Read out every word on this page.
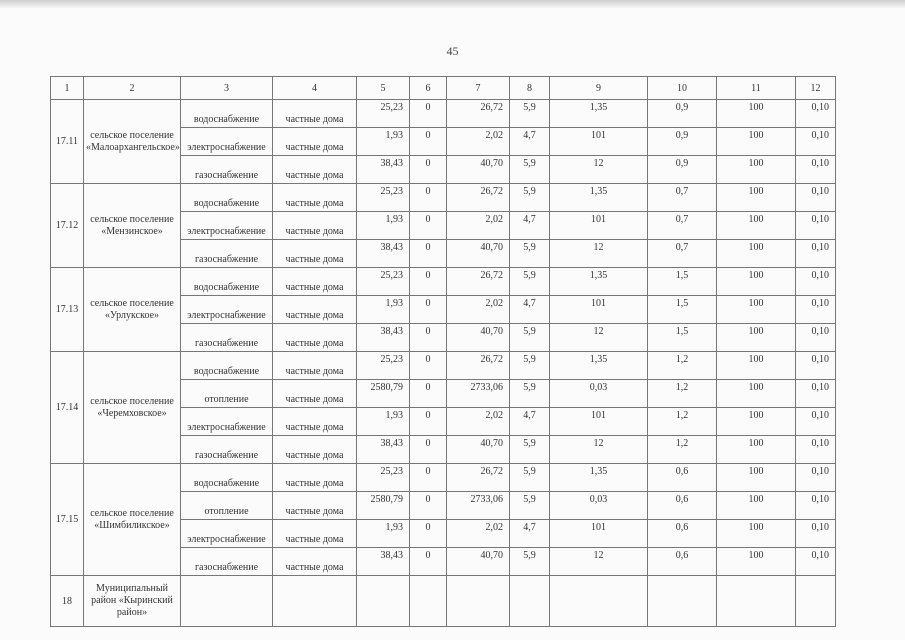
45
1	2	3	4	5	6	7	8	9	10	11	12
17.11	сельское поселение «Малоархангельское»	водоснабжение	частные дома	25,23	0	26,72	5,9	1,35	0,9	100	0,10
		электроснабжение	частные дома	1,93	0	2,02	4,7	101	0,9	100	0,10
		газоснабжение	частные дома	38,43	0	40,70	5,9	12	0,9	100	0,10
17.12	сельское поселение «Мензинское»	водоснабжение	частные дома	25,23	0	26,72	5,9	1,35	0,7	100	0,10
		электроснабжение	частные дома	1,93	0	2,02	4,7	101	0,7	100	0,10
		газоснабжение	частные дома	38,43	0	40,70	5,9	12	0,7	100	0,10
17.13	сельское поселение «Урлукское»	водоснабжение	частные дома	25,23	0	26,72	5,9	1,35	1,5	100	0,10
		электроснабжение	частные дома	1,93	0	2,02	4,7	101	1,5	100	0,10
		газоснабжение	частные дома	38,43	0	40,70	5,9	12	1,5	100	0,10
17.14	сельское поселение «Черемховское»	водоснабжение	частные дома	25,23	0	26,72	5,9	1,35	1,2	100	0,10
		отопление	частные дома	2580,79	0	2733,06	5,9	0,03	1,2	100	0,10
		электроснабжение	частные дома	1,93	0	2,02	4,7	101	1,2	100	0,10
		газоснабжение	частные дома	38,43	0	40,70	5,9	12	1,2	100	0,10
17.15	сельское поселение «Шимбиликское»	водоснабжение	частные дома	25,23	0	26,72	5,9	1,35	0,6	100	0,10
		отопление	частные дома	2580,79	0	2733,06	5,9	0,03	0,6	100	0,10
		электроснабжение	частные дома	1,93	0	2,02	4,7	101	0,6	100	0,10
		газоснабжение	частные дома	38,43	0	40,70	5,9	12	0,6	100	0,10
18	Муниципальный район «Кыринский район»										
